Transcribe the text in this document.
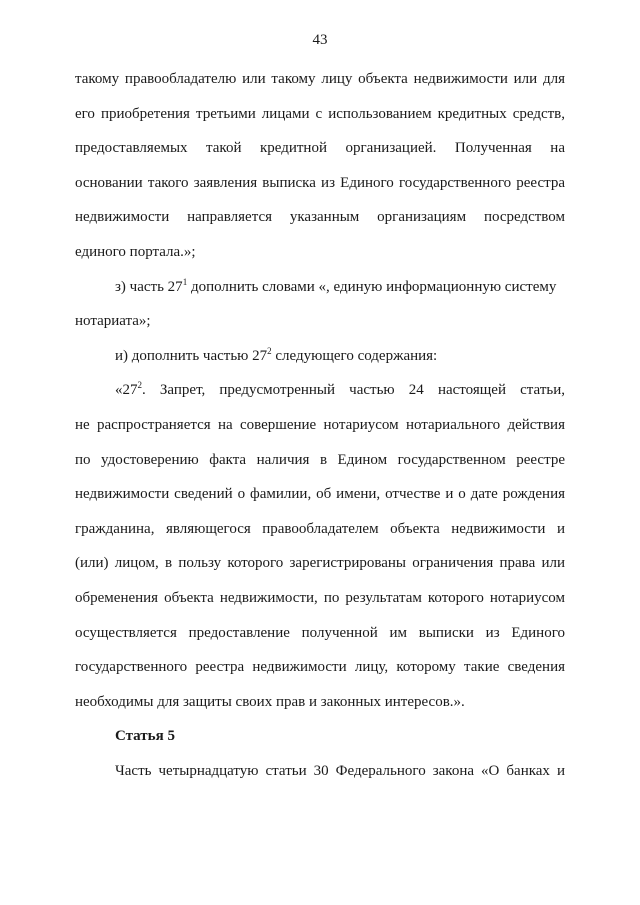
43
такому правообладателю или такому лицу объекта недвижимости или для
его приобретения третьими лицами с использованием кредитных средств,
предоставляемых такой кредитной организацией. Полученная на
основании такого заявления выписка из Единого государственного реестра
недвижимости направляется указанным организациям посредством
единого портала.»;
з) часть $27^1$ дополнить словами «, единую информационную систему
нотариата»;
и) дополнить частью $27^2$ следующего содержания:
«$27^2$. Запрет, предусмотренный частью 24 настоящей статьи,
не распространяется на совершение нотариусом нотариального действия
по удостоверению факта наличия в Едином государственном реестре
недвижимости сведений о фамилии, об имени, отчестве и о дате рождения
гражданина, являющегося правообладателем объекта недвижимости и
(или) лицом, в пользу которого зарегистрированы ограничения права или
обременения объекта недвижимости, по результатам которого нотариусом
осуществляется предоставление полученной им выписки из Единого
государственного реестра недвижимости лицу, которому такие сведения
необходимы для защиты своих прав и законных интересов.».
Статья 5
Часть четырнадцатую статьи 30 Федерального закона «О банках и
